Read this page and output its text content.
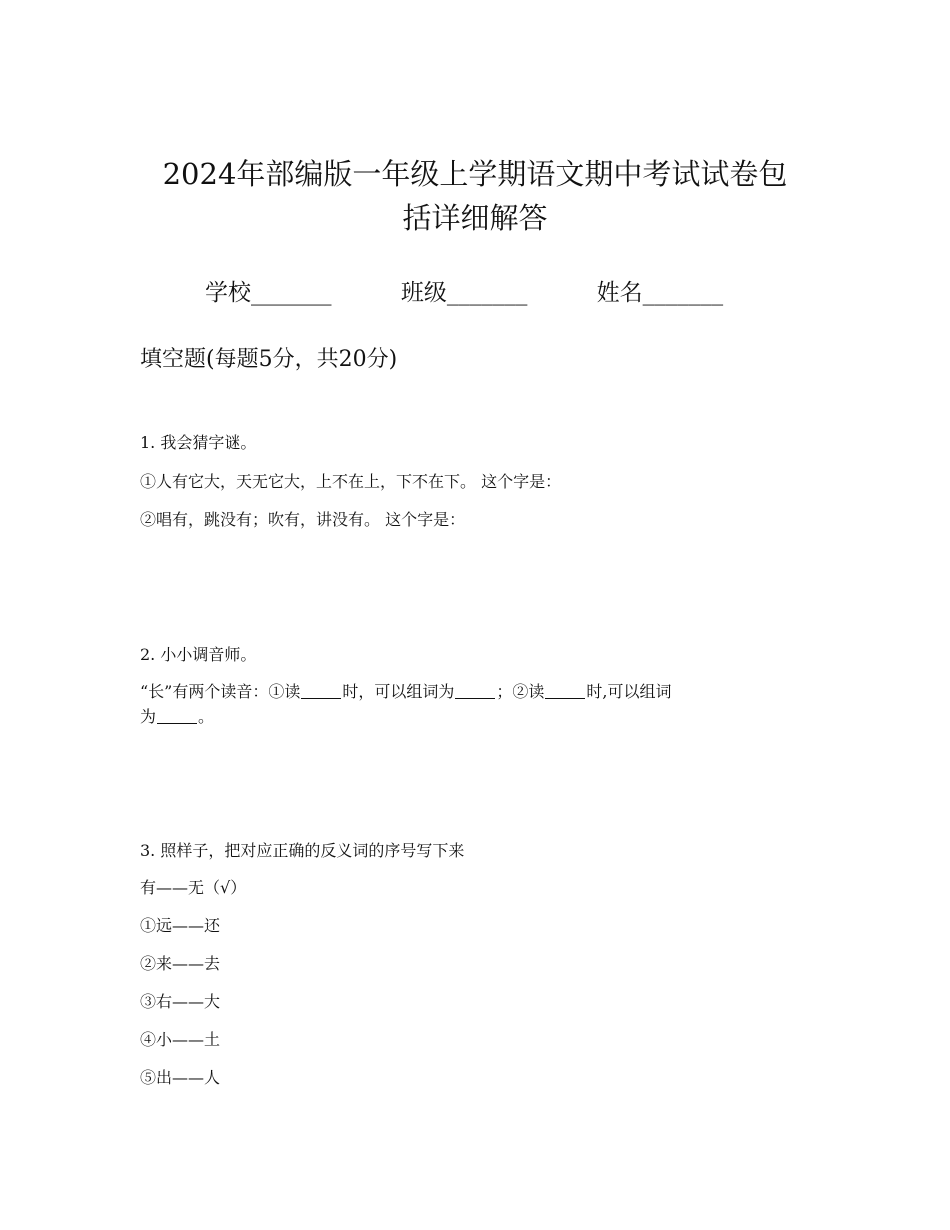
2024年部编版一年级上学期语文期中考试试卷包
括详细解答
学校_______	班级_______	姓名_______
填空题(每题5分，共20分)
1. 我会猜字谜。
①人有它大，天无它大，上不在上，下不在下。 这个字是：
②唱有，跳没有；吹有，讲没有。 这个字是：
2. 小小调音师。
“长”有两个读音：①读	时，可以组词为	；②读	时,可以组词
为	。
3. 照样子，把对应正确的反义词的序号写下来
有——无（√）
①远——还
②来——去
③右——大
④小——土
⑤出——人
